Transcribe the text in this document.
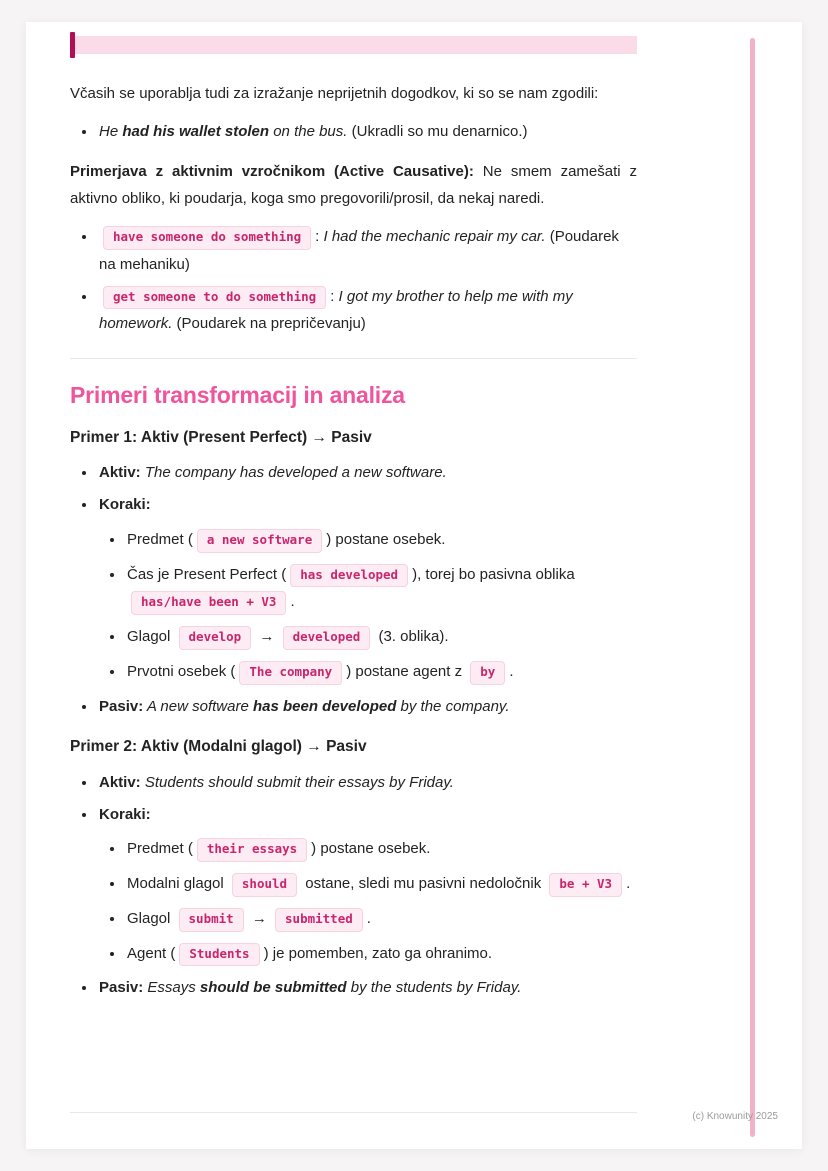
Včasih se uporablja tudi za izražanje neprijetnih dogodkov, ki so se nam zgodili:

• He had his wallet stolen on the bus. (Ukradli so mu denarnico.)

Primerjava z aktivnim vzročnikom (Active Causative): Ne smem zamešati z aktivno obliko, ki poudarja, koga smo pregovorili/prosil, da nekaj naredi.

• have someone do something : I had the mechanic repair my car. (Poudarek na mehaniku)
• get someone to do something : I got my brother to help me with my homework. (Poudarek na prepričevanju)
Primeri transformacij in analiza
Primer 1: Aktiv (Present Perfect) → Pasiv
• Aktiv: The company has developed a new software.
• Koraki:
• Predmet ( a new software ) postane osebek.
• Čas je Present Perfect ( has developed ), torej bo pasivna oblika has/have been + V3 .
• Glagol develop → developed (3. oblika).
• Prvotni osebek ( The company ) postane agent z by .
• Pasiv: A new software has been developed by the company.
Primer 2: Aktiv (Modalni glagol) → Pasiv
• Aktiv: Students should submit their essays by Friday.
• Koraki:
• Predmet ( their essays ) postane osebek.
• Modalni glagol should ostane, sledi mu pasivni nedoločnik be + V3 .
• Glagol submit → submitted .
• Agent ( Students ) je pomemben, zato ga ohranimo.
• Pasiv: Essays should be submitted by the students by Friday.
(c) Knowunity 2025
